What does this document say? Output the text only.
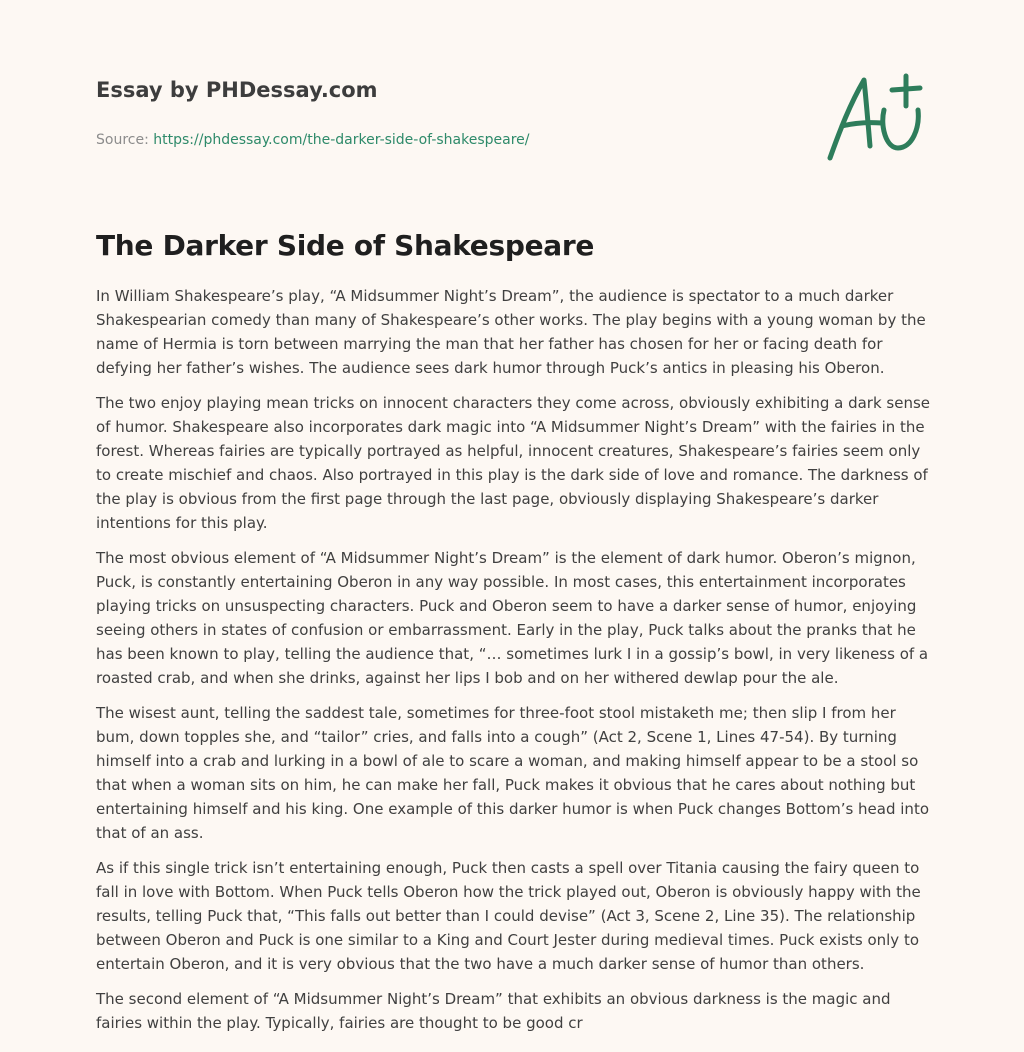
Essay by PHDessay.com
Source: https://phdessay.com/the-darker-side-of-shakespeare/
The Darker Side of Shakespeare

In William Shakespeare’s play, “A Midsummer Night’s Dream”, the audience is spectator to a much darker Shakespearian comedy than many of Shakespeare’s other works. The play begins with a young woman by the name of Hermia is torn between marrying the man that her father has chosen for her or facing death for defying her father’s wishes. The audience sees dark humor through Puck’s antics in pleasing his Oberon.

The two enjoy playing mean tricks on innocent characters they come across, obviously exhibiting a dark sense of humor. Shakespeare also incorporates dark magic into “A Midsummer Night’s Dream” with the fairies in the forest. Whereas fairies are typically portrayed as helpful, innocent creatures, Shakespeare’s fairies seem only to create mischief and chaos. Also portrayed in this play is the dark side of love and romance. The darkness of the play is obvious from the first page through the last page, obviously displaying Shakespeare’s darker intentions for this play.

The most obvious element of “A Midsummer Night’s Dream” is the element of dark humor. Oberon’s mignon, Puck, is constantly entertaining Oberon in any way possible. In most cases, this entertainment incorporates playing tricks on unsuspecting characters. Puck and Oberon seem to have a darker sense of humor, enjoying seeing others in states of confusion or embarrassment. Early in the play, Puck talks about the pranks that he has been known to play, telling the audience that, “… sometimes lurk I in a gossip’s bowl, in very likeness of a roasted crab, and when she drinks, against her lips I bob and on her withered dewlap pour the ale.

The wisest aunt, telling the saddest tale, sometimes for three-foot stool mistaketh me; then slip I from her bum, down topples she, and “tailor” cries, and falls into a cough” (Act 2, Scene 1, Lines 47-54). By turning himself into a crab and lurking in a bowl of ale to scare a woman, and making himself appear to be a stool so that when a woman sits on him, he can make her fall, Puck makes it obvious that he cares about nothing but entertaining himself and his king. One example of this darker humor is when Puck changes Bottom’s head into that of an ass.

As if this single trick isn’t entertaining enough, Puck then casts a spell over Titania causing the fairy queen to fall in love with Bottom. When Puck tells Oberon how the trick played out, Oberon is obviously happy with the results, telling Puck that, “This falls out better than I could devise” (Act 3, Scene 2, Line 35). The relationship between Oberon and Puck is one similar to a King and Court Jester during medieval times. Puck exists only to entertain Oberon, and it is very obvious that the two have a much darker sense of humor than others.

The second element of “A Midsummer Night’s Dream” that exhibits an obvious darkness is the magic and fairies within the play. Typically, fairies are thought to be good cr
